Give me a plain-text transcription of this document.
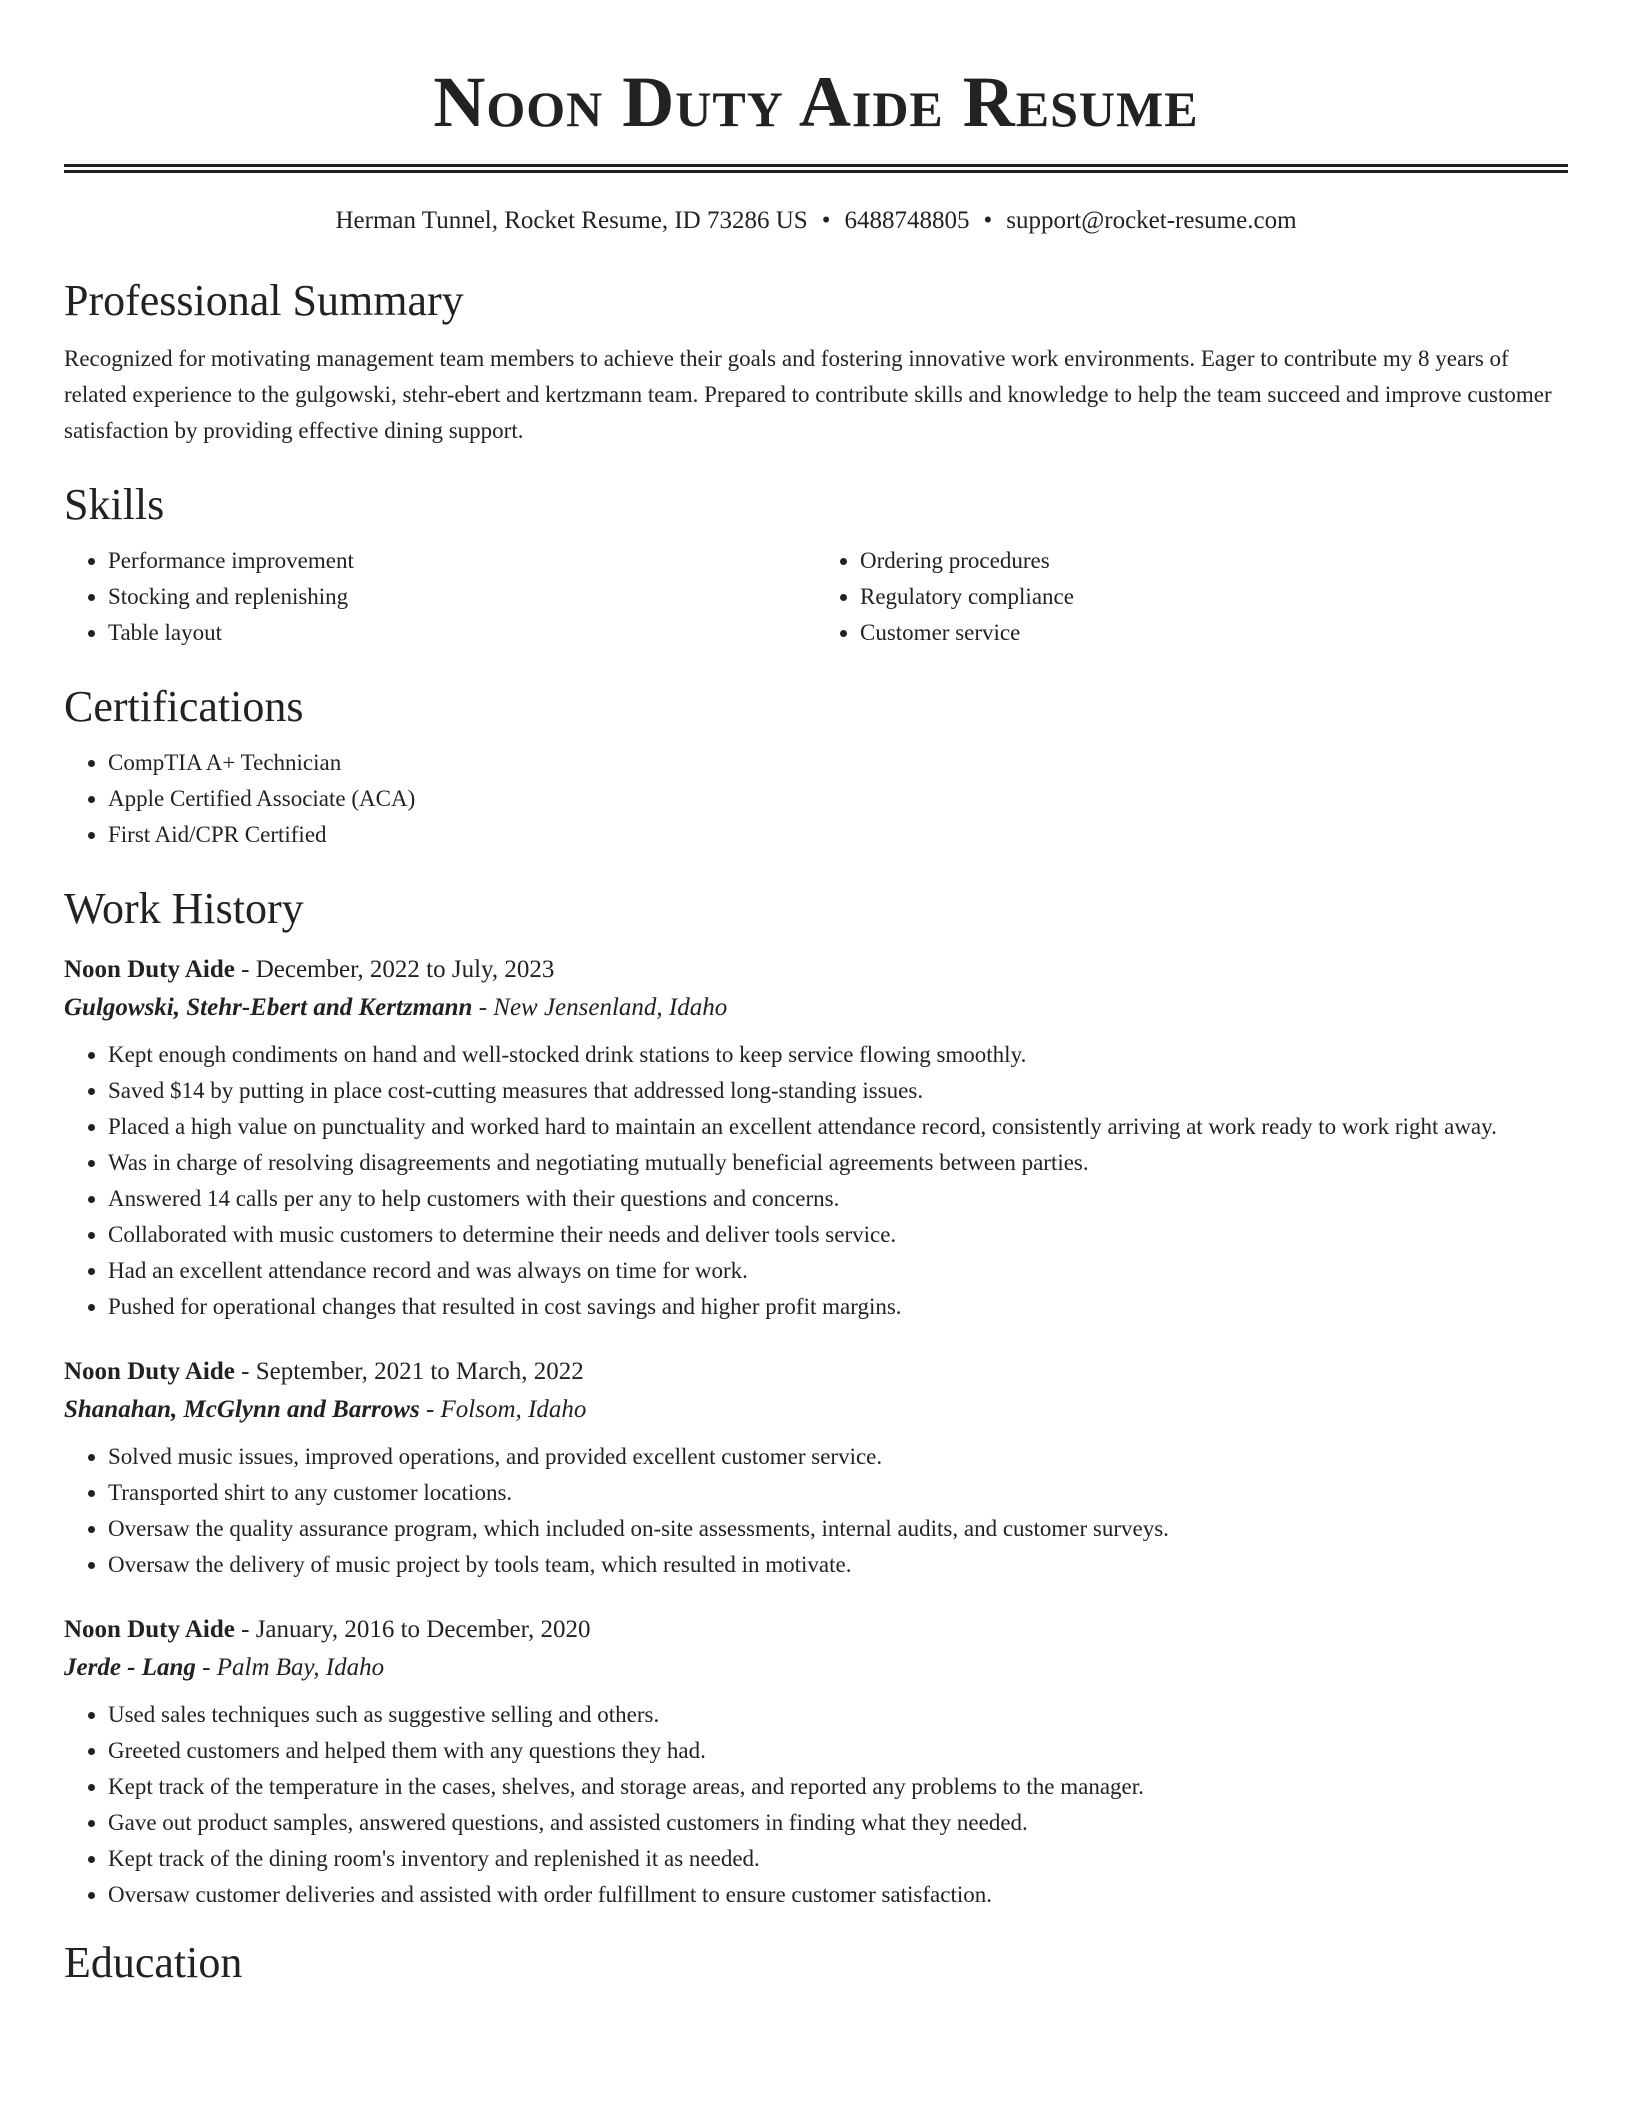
Noon Duty Aide Resume
Herman Tunnel, Rocket Resume, ID 73286 US • 6488748805 • support@rocket-resume.com
Professional Summary

Recognized for motivating management team members to achieve their goals and fostering innovative work environments. Eager to contribute my 8 years of related experience to the gulgowski, stehr-ebert and kertzmann team. Prepared to contribute skills and knowledge to help the team succeed and improve customer satisfaction by providing effective dining support.

Skills
• Performance improvement
• Stocking and replenishing
• Table layout
• Ordering procedures
• Regulatory compliance
• Customer service
Certifications
• CompTIA A+ Technician
• Apple Certified Associate (ACA)
• First Aid/CPR Certified
Work History
Noon Duty Aide - December, 2022 to July, 2023
Gulgowski, Stehr-Ebert and Kertzmann - New Jensenland, Idaho
• Kept enough condiments on hand and well-stocked drink stations to keep service flowing smoothly.
• Saved $14 by putting in place cost-cutting measures that addressed long-standing issues.
• Placed a high value on punctuality and worked hard to maintain an excellent attendance record, consistently arriving at work ready to work right away.
• Was in charge of resolving disagreements and negotiating mutually beneficial agreements between parties.
• Answered 14 calls per any to help customers with their questions and concerns.
• Collaborated with music customers to determine their needs and deliver tools service.
• Had an excellent attendance record and was always on time for work.
• Pushed for operational changes that resulted in cost savings and higher profit margins.
Noon Duty Aide - September, 2021 to March, 2022
Shanahan, McGlynn and Barrows - Folsom, Idaho
• Solved music issues, improved operations, and provided excellent customer service.
• Transported shirt to any customer locations.
• Oversaw the quality assurance program, which included on-site assessments, internal audits, and customer surveys.
• Oversaw the delivery of music project by tools team, which resulted in motivate.
Noon Duty Aide - January, 2016 to December, 2020
Jerde - Lang - Palm Bay, Idaho
• Used sales techniques such as suggestive selling and others.
• Greeted customers and helped them with any questions they had.
• Kept track of the temperature in the cases, shelves, and storage areas, and reported any problems to the manager.
• Gave out product samples, answered questions, and assisted customers in finding what they needed.
• Kept track of the dining room's inventory and replenished it as needed.
• Oversaw customer deliveries and assisted with order fulfillment to ensure customer satisfaction.
Education
